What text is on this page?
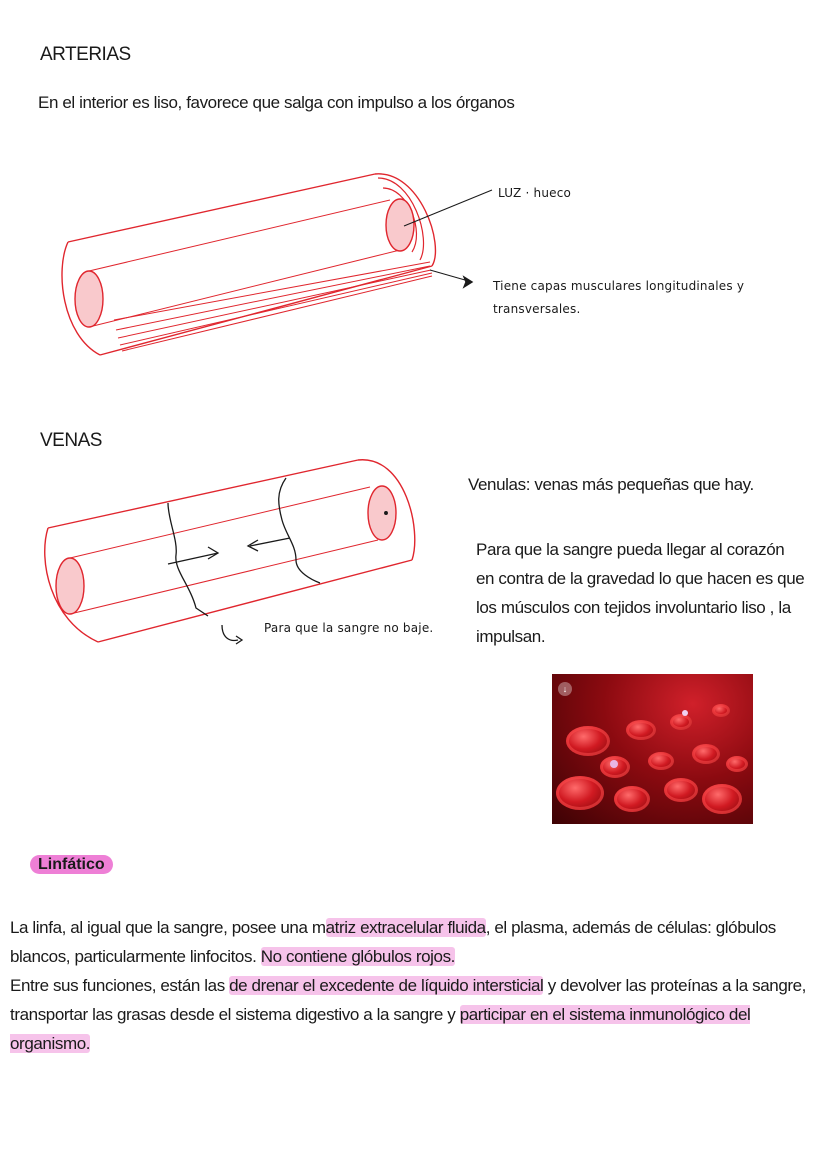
ARTERIAS
En el interior es liso, favorece que salga con impulso a los órganos
LUZ · hueco
Tiene capas musculares longitudinales y transversales.
VENAS
Venulas: venas más pequeñas que hay.
Para que la sangre pueda llegar al corazón en contra de la gravedad lo que hacen es que los músculos con tejidos involuntario liso , la impulsan.
Para que la sangre no baje.
↓
Linfático
La linfa, al igual que la sangre, posee una matriz extracelular fluida, el plasma, además de células: glóbulos blancos, particularmente linfocitos. No contiene glóbulos rojos.
Entre sus funciones, están las de drenar el excedente de líquido intersticial y devolver las proteínas a la sangre, transportar las grasas desde el sistema digestivo a la sangre y participar en el sistema inmunológico del organismo.
